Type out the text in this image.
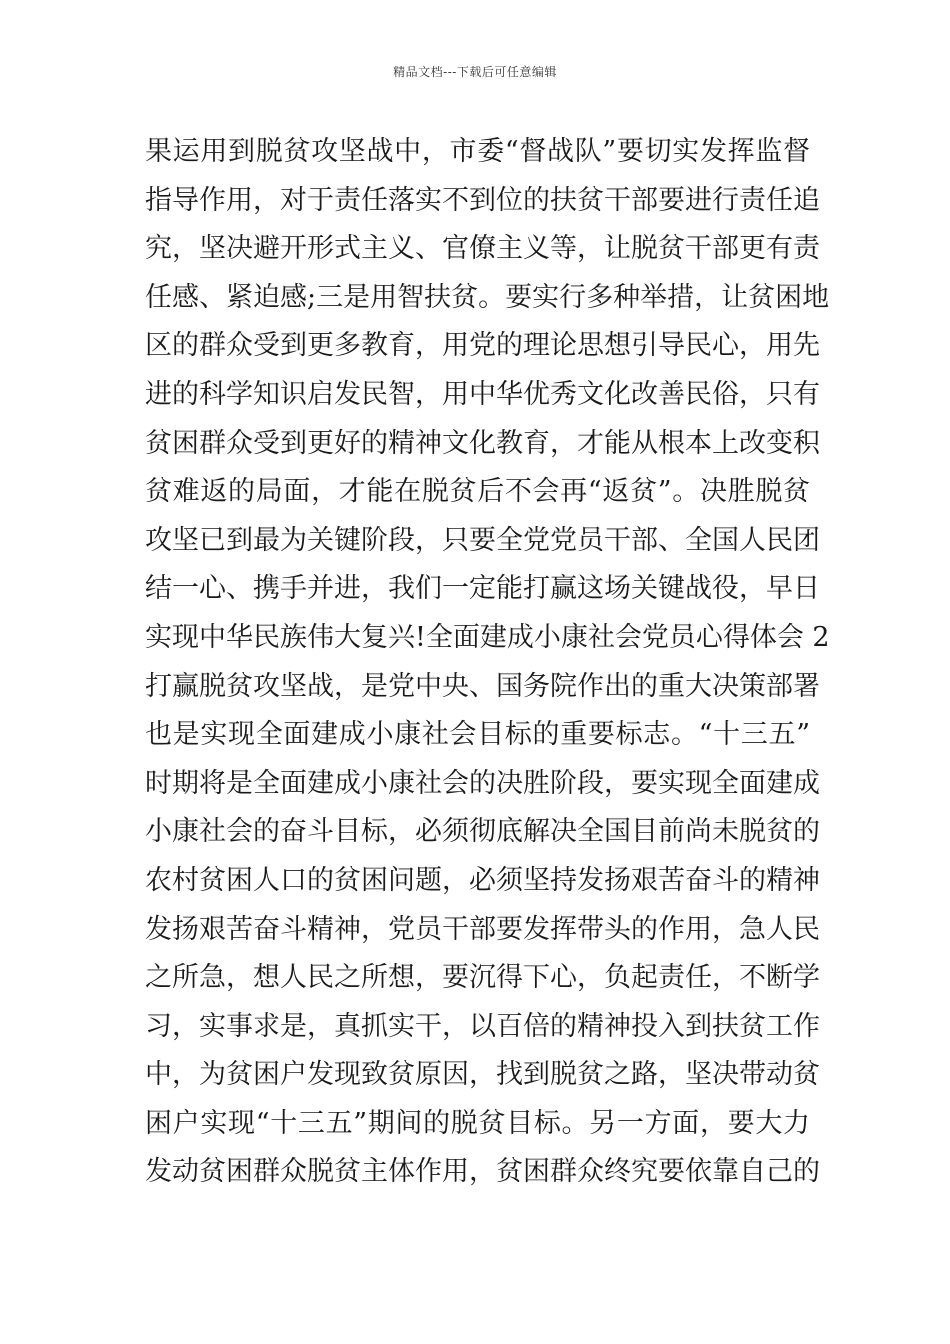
精品文档---下载后可任意编辑
果运用到脱贫攻坚战中，市委“督战队”要切实发挥监督
指导作用，对于责任落实不到位的扶贫干部要进行责任追
究，坚决避开形式主义、官僚主义等，让脱贫干部更有责
任感、紧迫感;三是用智扶贫。要实行多种举措，让贫困地
区的群众受到更多教育，用党的理论思想引导民心，用先
进的科学知识启发民智，用中华优秀文化改善民俗，只有
贫困群众受到更好的精神文化教育，才能从根本上改变积
贫难返的局面，才能在脱贫后不会再“返贫”。决胜脱贫
攻坚已到最为关键阶段，只要全党党员干部、全国人民团
结一心、携手并进，我们一定能打赢这场关键战役，早日
实现中华民族伟大复兴!全面建成小康社会党员心得体会 2
打赢脱贫攻坚战，是党中央、国务院作出的重大决策部署
也是实现全面建成小康社会目标的重要标志。“十三五”
时期将是全面建成小康社会的决胜阶段，要实现全面建成
小康社会的奋斗目标，必须彻底解决全国目前尚未脱贫的
农村贫困人口的贫困问题，必须坚持发扬艰苦奋斗的精神
发扬艰苦奋斗精神，党员干部要发挥带头的作用，急人民
之所急，想人民之所想，要沉得下心，负起责任，不断学
习，实事求是，真抓实干，以百倍的精神投入到扶贫工作
中，为贫困户发现致贫原因，找到脱贫之路，坚决带动贫
困户实现“十三五”期间的脱贫目标。另一方面，要大力
发动贫困群众脱贫主体作用，贫困群众终究要依靠自己的
